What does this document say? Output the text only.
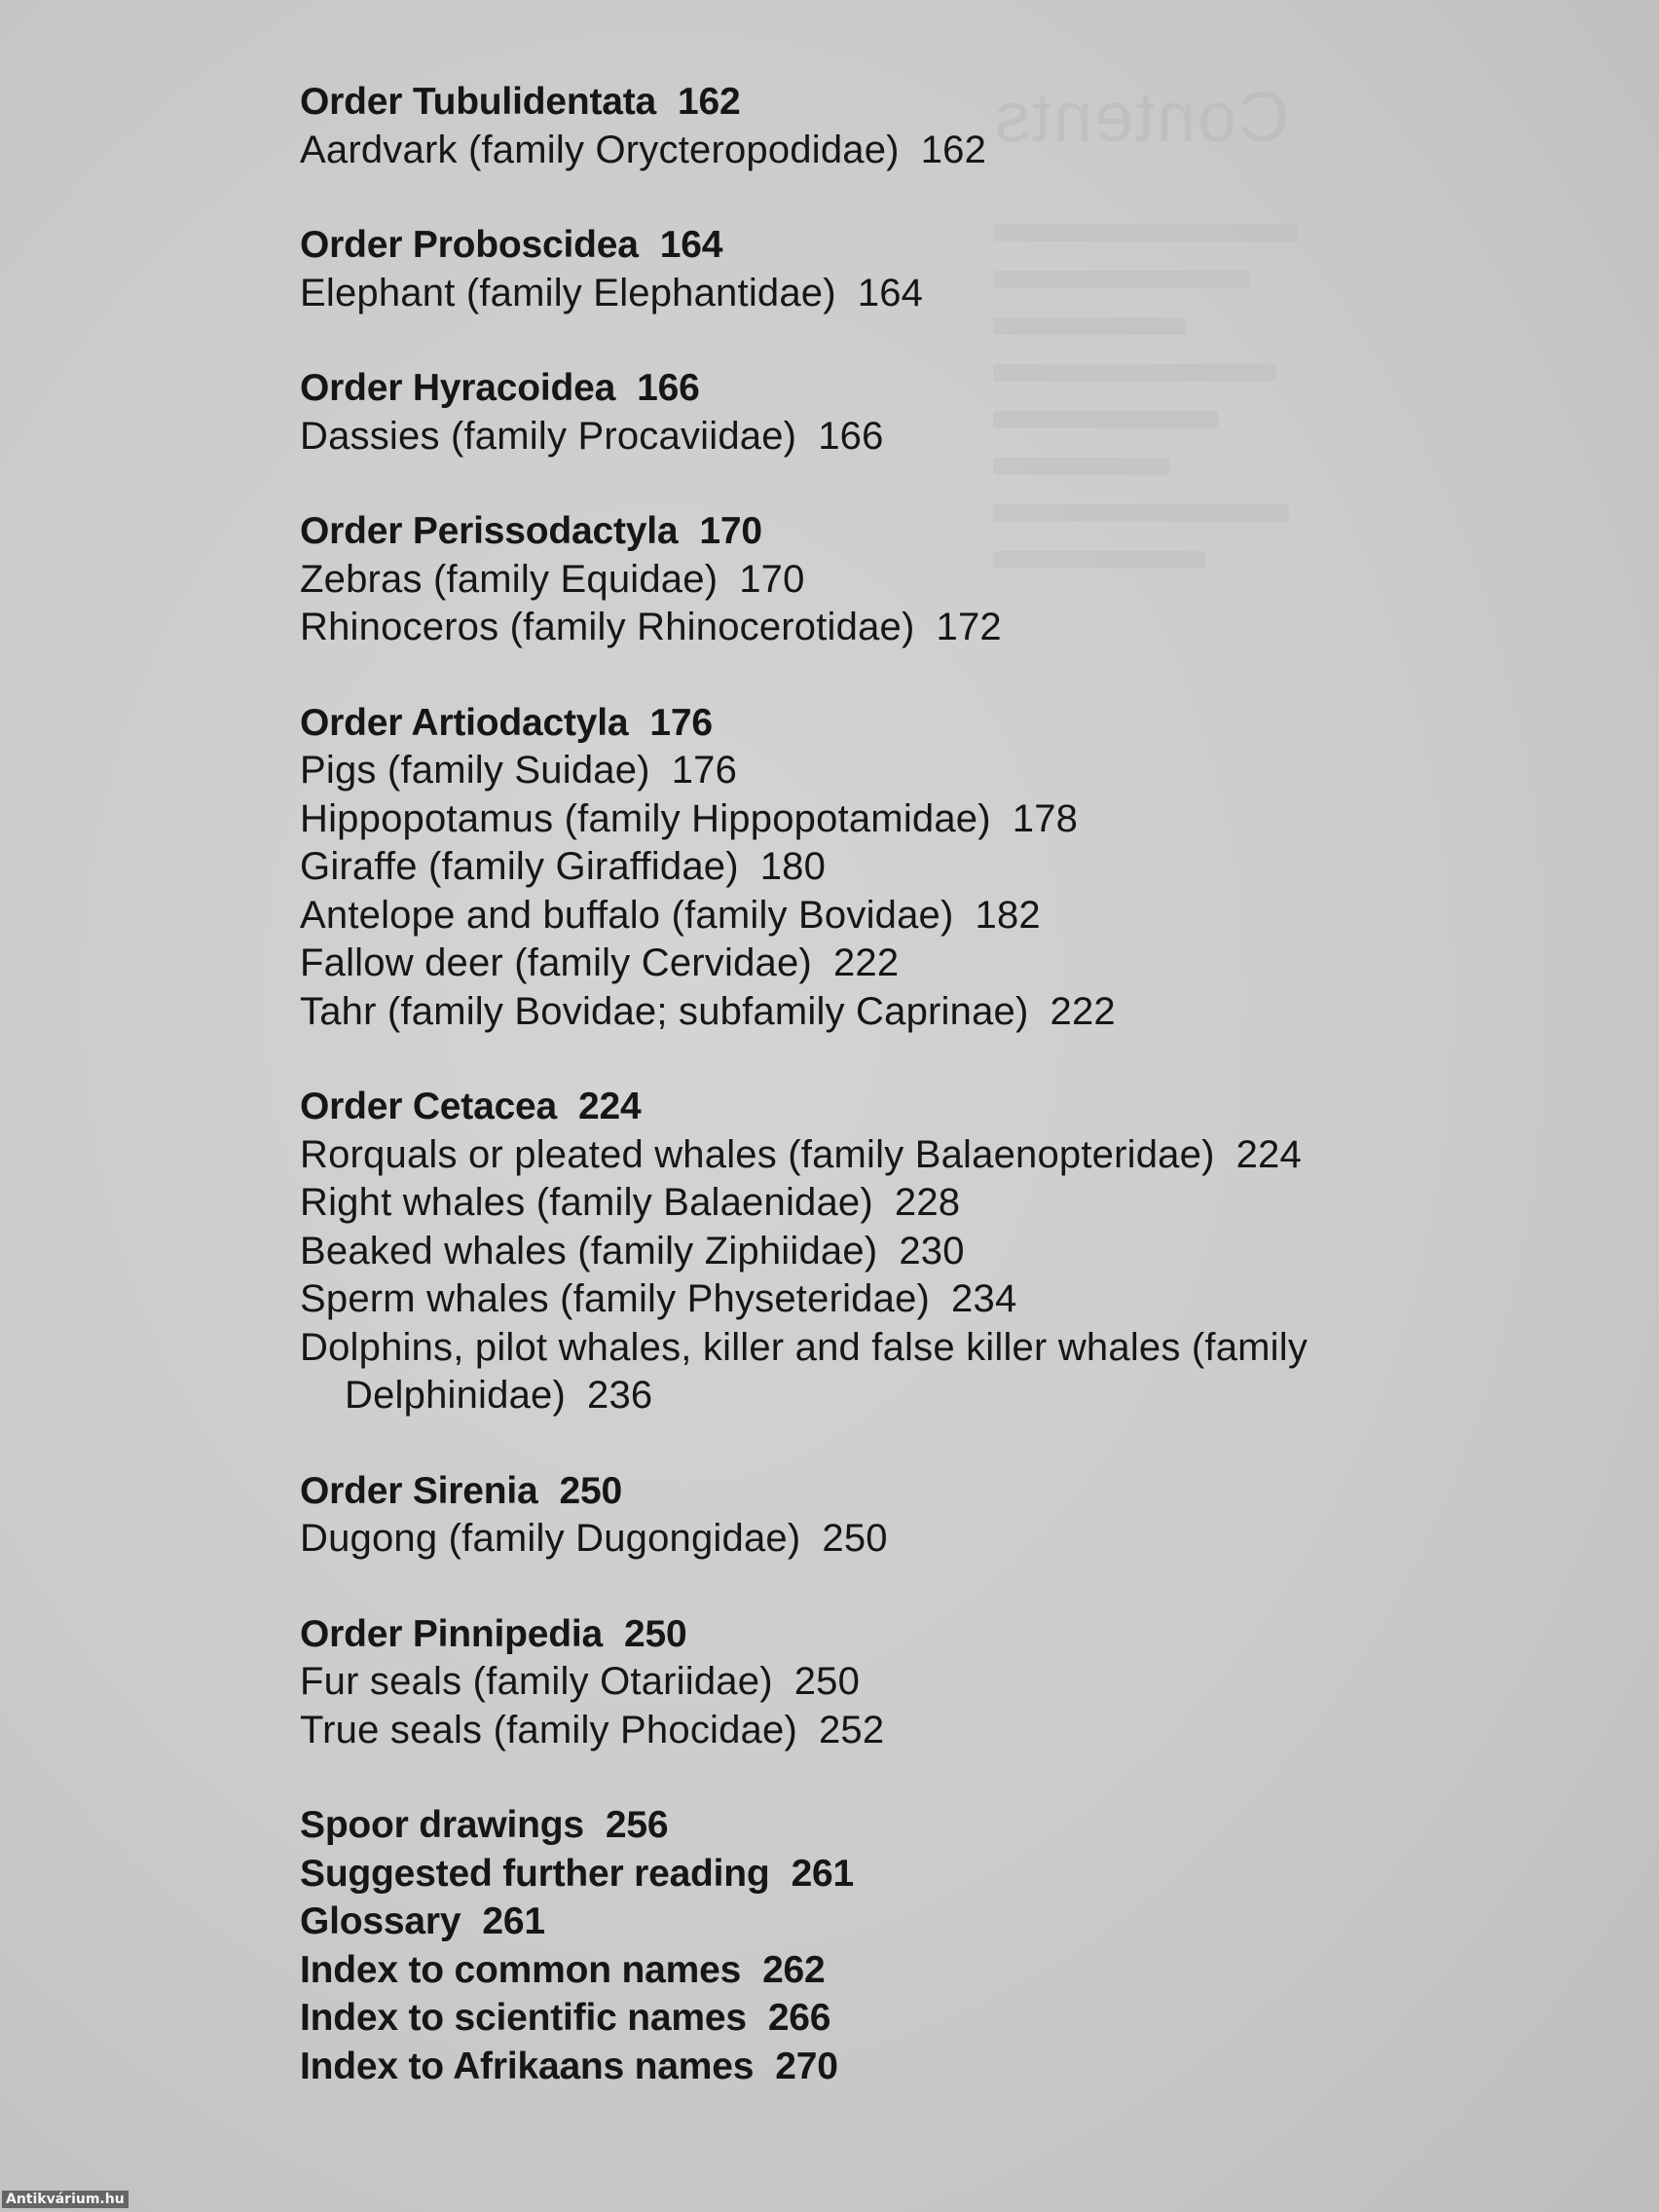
Contents
Order Tubulidentata 162
Aardvark (family Orycteropodidae) 162
Order Proboscidea 164
Elephant (family Elephantidae) 164
Order Hyracoidea 166
Dassies (family Procaviidae) 166
Order Perissodactyla 170
Zebras (family Equidae) 170
Rhinoceros (family Rhinocerotidae) 172
Order Artiodactyla 176
Pigs (family Suidae) 176
Hippopotamus (family Hippopotamidae) 178
Giraffe (family Giraffidae) 180
Antelope and buffalo (family Bovidae) 182
Fallow deer (family Cervidae) 222
Tahr (family Bovidae; subfamily Caprinae) 222
Order Cetacea 224
Rorquals or pleated whales (family Balaenopteridae) 224
Right whales (family Balaenidae) 228
Beaked whales (family Ziphiidae) 230
Sperm whales (family Physeteridae) 234
Dolphins, pilot whales, killer and false killer whales (family Delphinidae) 236
Order Sirenia 250
Dugong (family Dugongidae) 250
Order Pinnipedia 250
Fur seals (family Otariidae) 250
True seals (family Phocidae) 252
Spoor drawings 256
Suggested further reading 261
Glossary 261
Index to common names 262
Index to scientific names 266
Index to Afrikaans names 270
Antikvárium.hu
